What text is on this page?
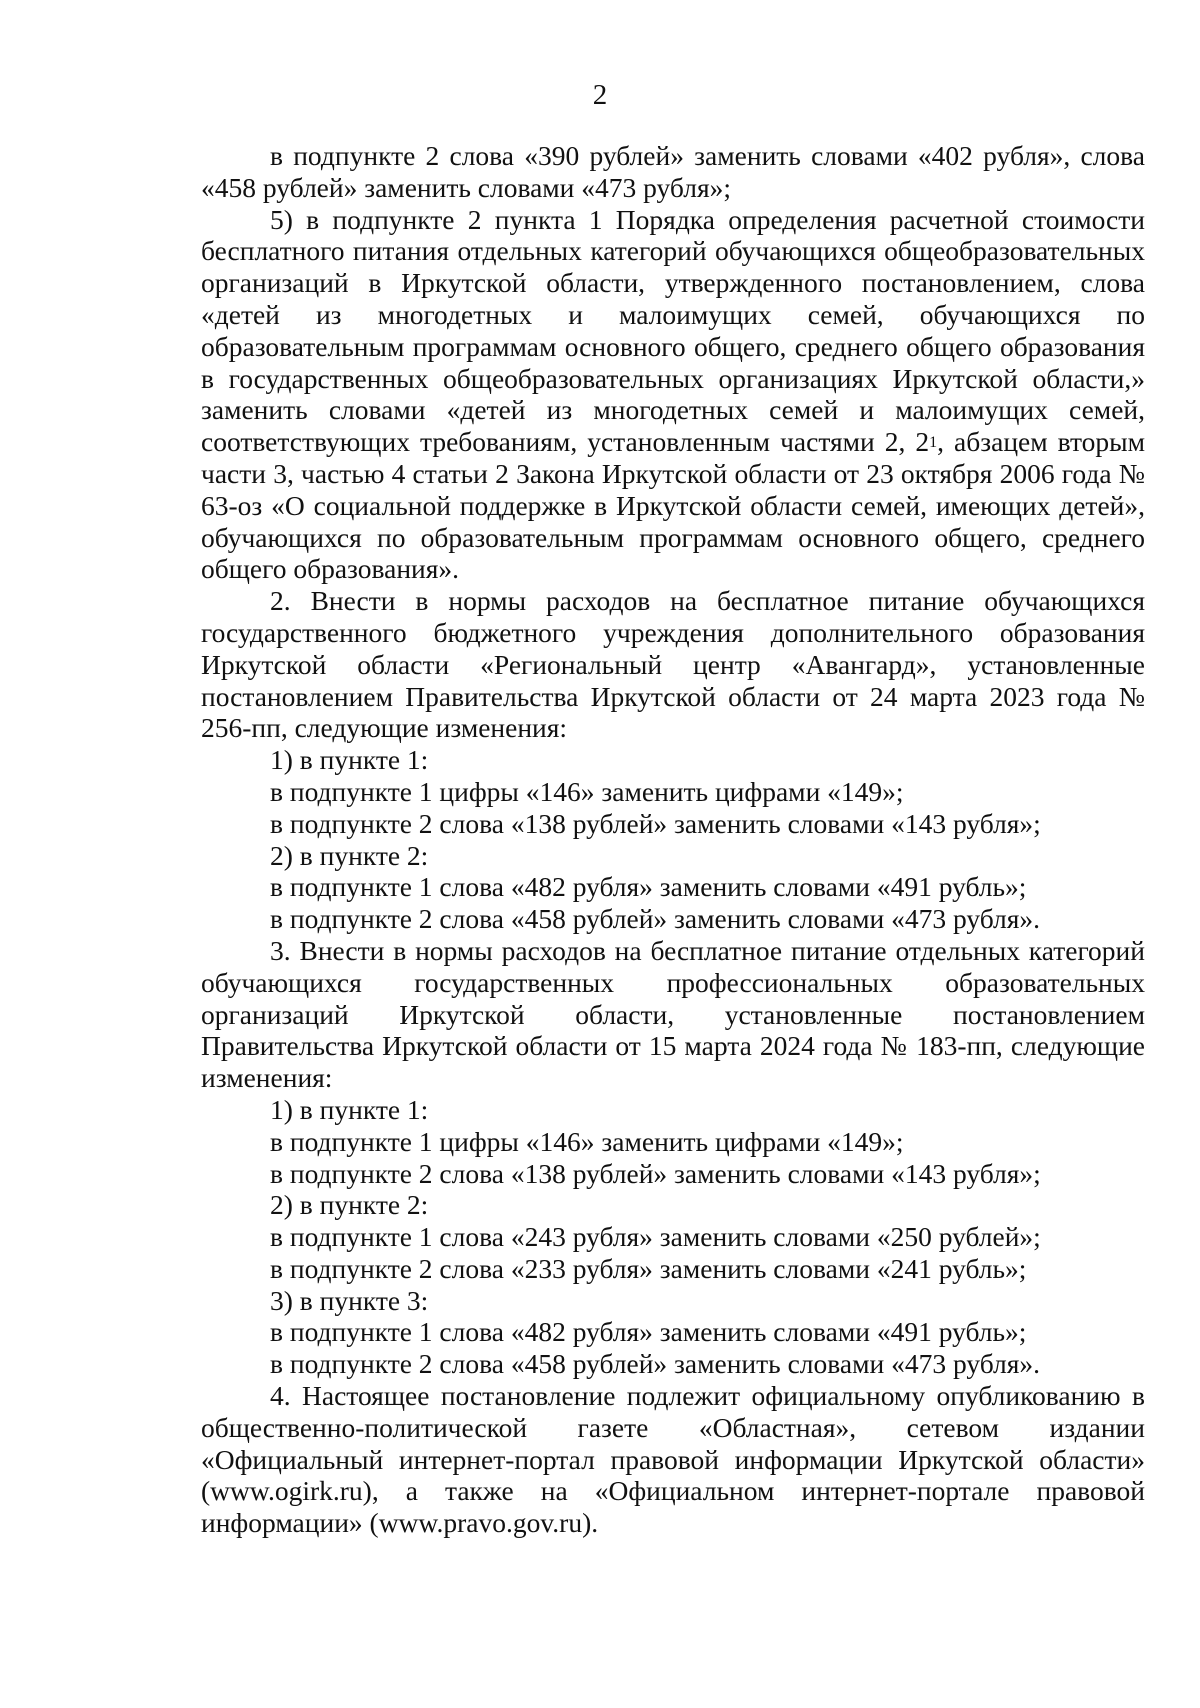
2

в подпункте 2 слова «390 рублей» заменить словами «402 рубля», слова «458 рублей» заменить словами «473 рубля»;

5) в подпункте 2 пункта 1 Порядка определения расчетной стоимости бесплатного питания отдельных категорий обучающихся общеобразовательных организаций в Иркутской области, утвержденного постановлением, слова «детей из многодетных и малоимущих семей, обучающихся по образовательным программам основного общего, среднего общего образования в государственных общеобразовательных организациях Иркутской области,» заменить словами «детей из многодетных семей и малоимущих семей, соответствующих требованиям, установленным частями 2, $2^1$, абзацем вторым части 3, частью 4 статьи 2 Закона Иркутской области от 23 октября 2006 года № 63-оз «О социальной поддержке в Иркутской области семей, имеющих детей», обучающихся по образовательным программам основного общего, среднего общего образования».

2. Внести в нормы расходов на бесплатное питание обучающихся государственного бюджетного учреждения дополнительного образования Иркутской области «Региональный центр «Авангард», установленные постановлением Правительства Иркутской области от 24 марта 2023 года № 256-пп, следующие изменения:

1) в пункте 1:

в подпункте 1 цифры «146» заменить цифрами «149»;

в подпункте 2 слова «138 рублей» заменить словами «143 рубля»;

2) в пункте 2:

в подпункте 1 слова «482 рубля» заменить словами «491 рубль»;

в подпункте 2 слова «458 рублей» заменить словами «473 рубля».

3. Внести в нормы расходов на бесплатное питание отдельных категорий обучающихся государственных профессиональных образовательных организаций Иркутской области, установленные постановлением Правительства Иркутской области от 15 марта 2024 года № 183-пп, следующие изменения:

1) в пункте 1:

в подпункте 1 цифры «146» заменить цифрами «149»;

в подпункте 2 слова «138 рублей» заменить словами «143 рубля»;

2) в пункте 2:

в подпункте 1 слова «243 рубля» заменить словами «250 рублей»;

в подпункте 2 слова «233 рубля» заменить словами «241 рубль»;

3) в пункте 3:

в подпункте 1 слова «482 рубля» заменить словами «491 рубль»;

в подпункте 2 слова «458 рублей» заменить словами «473 рубля».

4. Настоящее постановление подлежит официальному опубликованию в общественно-политической газете «Областная», сетевом издании «Официальный интернет-портал правовой информации Иркутской области» (www.ogirk.ru), а также на «Официальном интернет-портале правовой информации» (www.pravo.gov.ru).
